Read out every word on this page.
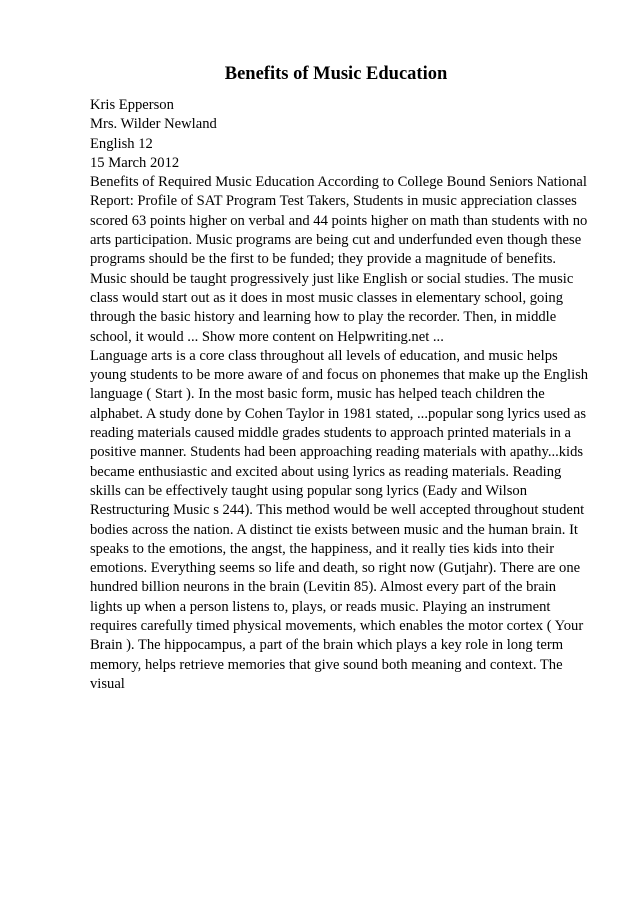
Benefits of Music Education
Kris Epperson
Mrs. Wilder Newland
English 12
15 March 2012
Benefits of Required Music Education According to College Bound Seniors National
Report: Profile of SAT Program Test Takers, Students in music appreciation classes
scored 63 points higher on verbal and 44 points higher on math than students with no
arts participation. Music programs are being cut and underfunded even though these
programs should be the first to be funded; they provide a magnitude of benefits.
Music should be taught progressively just like English or social studies. The music
class would start out as it does in most music classes in elementary school, going
through the basic history and learning how to play the recorder. Then, in middle
school, it would ... Show more content on Helpwriting.net ...
Language arts is a core class throughout all levels of education, and music helps
young students to be more aware of and focus on phonemes that make up the English
language ( Start ). In the most basic form, music has helped teach children the
alphabet. A study done by Cohen Taylor in 1981 stated, ...popular song lyrics used as
reading materials caused middle grades students to approach printed materials in a
positive manner. Students had been approaching reading materials with apathy...kids
became enthusiastic and excited about using lyrics as reading materials. Reading
skills can be effectively taught using popular song lyrics (Eady and Wilson
Restructuring Music s 244). This method would be well accepted throughout student
bodies across the nation. A distinct tie exists between music and the human brain. It
speaks to the emotions, the angst, the happiness, and it really ties kids into their
emotions. Everything seems so life and death, so right now (Gutjahr). There are one
hundred billion neurons in the brain (Levitin 85). Almost every part of the brain
lights up when a person listens to, plays, or reads music. Playing an instrument
requires carefully timed physical movements, which enables the motor cortex ( Your
Brain ). The hippocampus, a part of the brain which plays a key role in long term
memory, helps retrieve memories that give sound both meaning and context. The
visual
